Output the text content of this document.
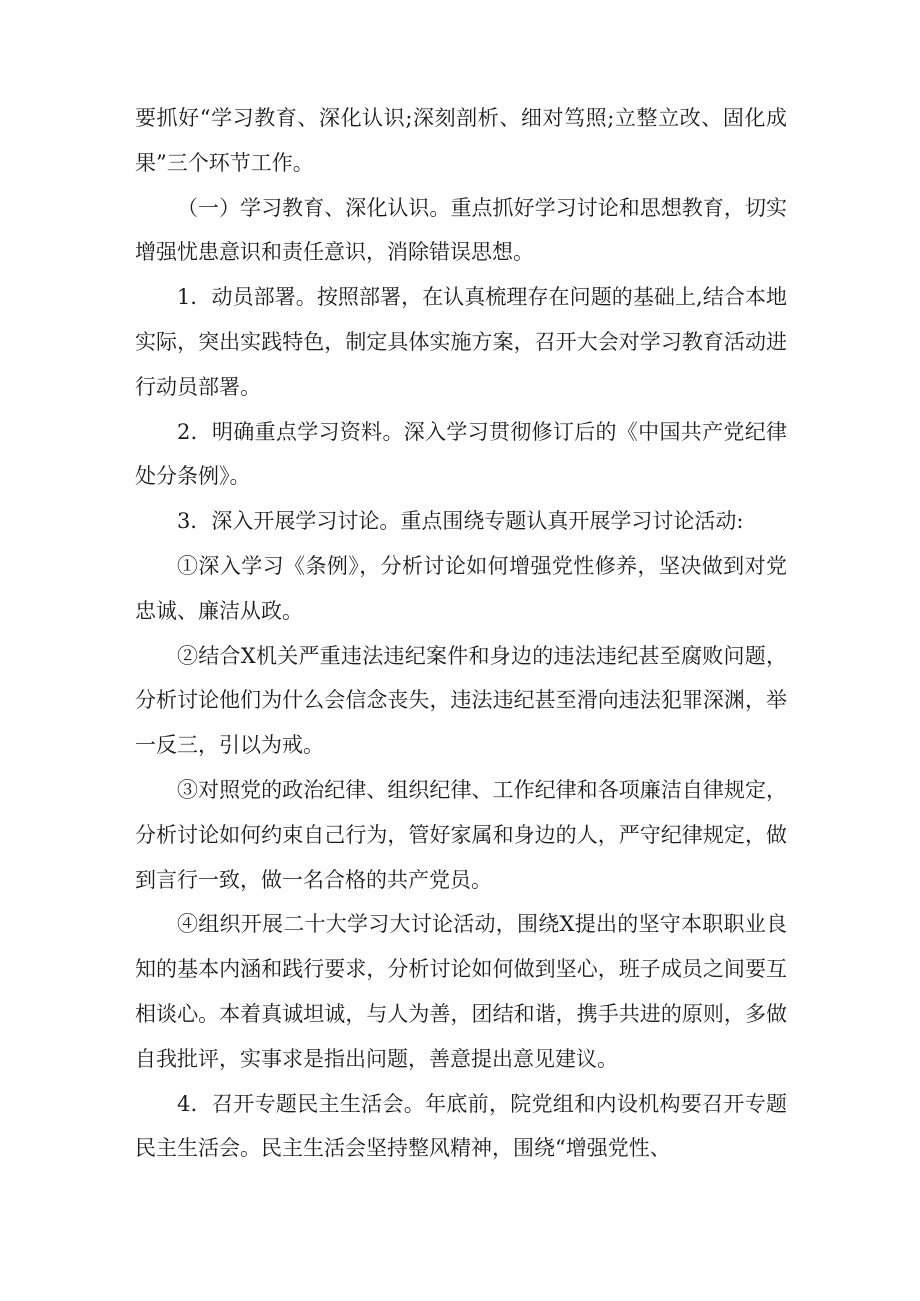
要抓好“学习教育、深化认识;深刻剖析、细对笃照;立整立改、固化成果”三个环节工作。

（一）学习教育、深化认识。重点抓好学习讨论和思想教育，切实增强忧患意识和责任意识，消除错误思想。

1．动员部署。按照部署，在认真梳理存在问题的基础上,结合本地实际，突出实践特色，制定具体实施方案，召开大会对学习教育活动进行动员部署。

2．明确重点学习资料。深入学习贯彻修订后的《中国共产党纪律处分条例》。

3．深入开展学习讨论。重点围绕专题认真开展学习讨论活动:

①深入学习《条例》，分析讨论如何增强党性修养，坚决做到对党忠诚、廉洁从政。

②结合X机关严重违法违纪案件和身边的违法违纪甚至腐败问题，分析讨论他们为什么会信念丧失，违法违纪甚至滑向违法犯罪深渊，举一反三，引以为戒。

③对照党的政治纪律、组织纪律、工作纪律和各项廉洁自律规定，分析讨论如何约束自己行为，管好家属和身边的人，严守纪律规定，做到言行一致，做一名合格的共产党员。

④组织开展二十大学习大讨论活动，围绕X提出的坚守本职职业良知的基本内涵和践行要求，分析讨论如何做到坚心，班子成员之间要互相谈心。本着真诚坦诚，与人为善，团结和谐，携手共进的原则，多做自我批评，实事求是指出问题，善意提出意见建议。

4．召开专题民主生活会。年底前，院党组和内设机构要召开专题民主生活会。民主生活会坚持整风精神，围绕“增强党性、
